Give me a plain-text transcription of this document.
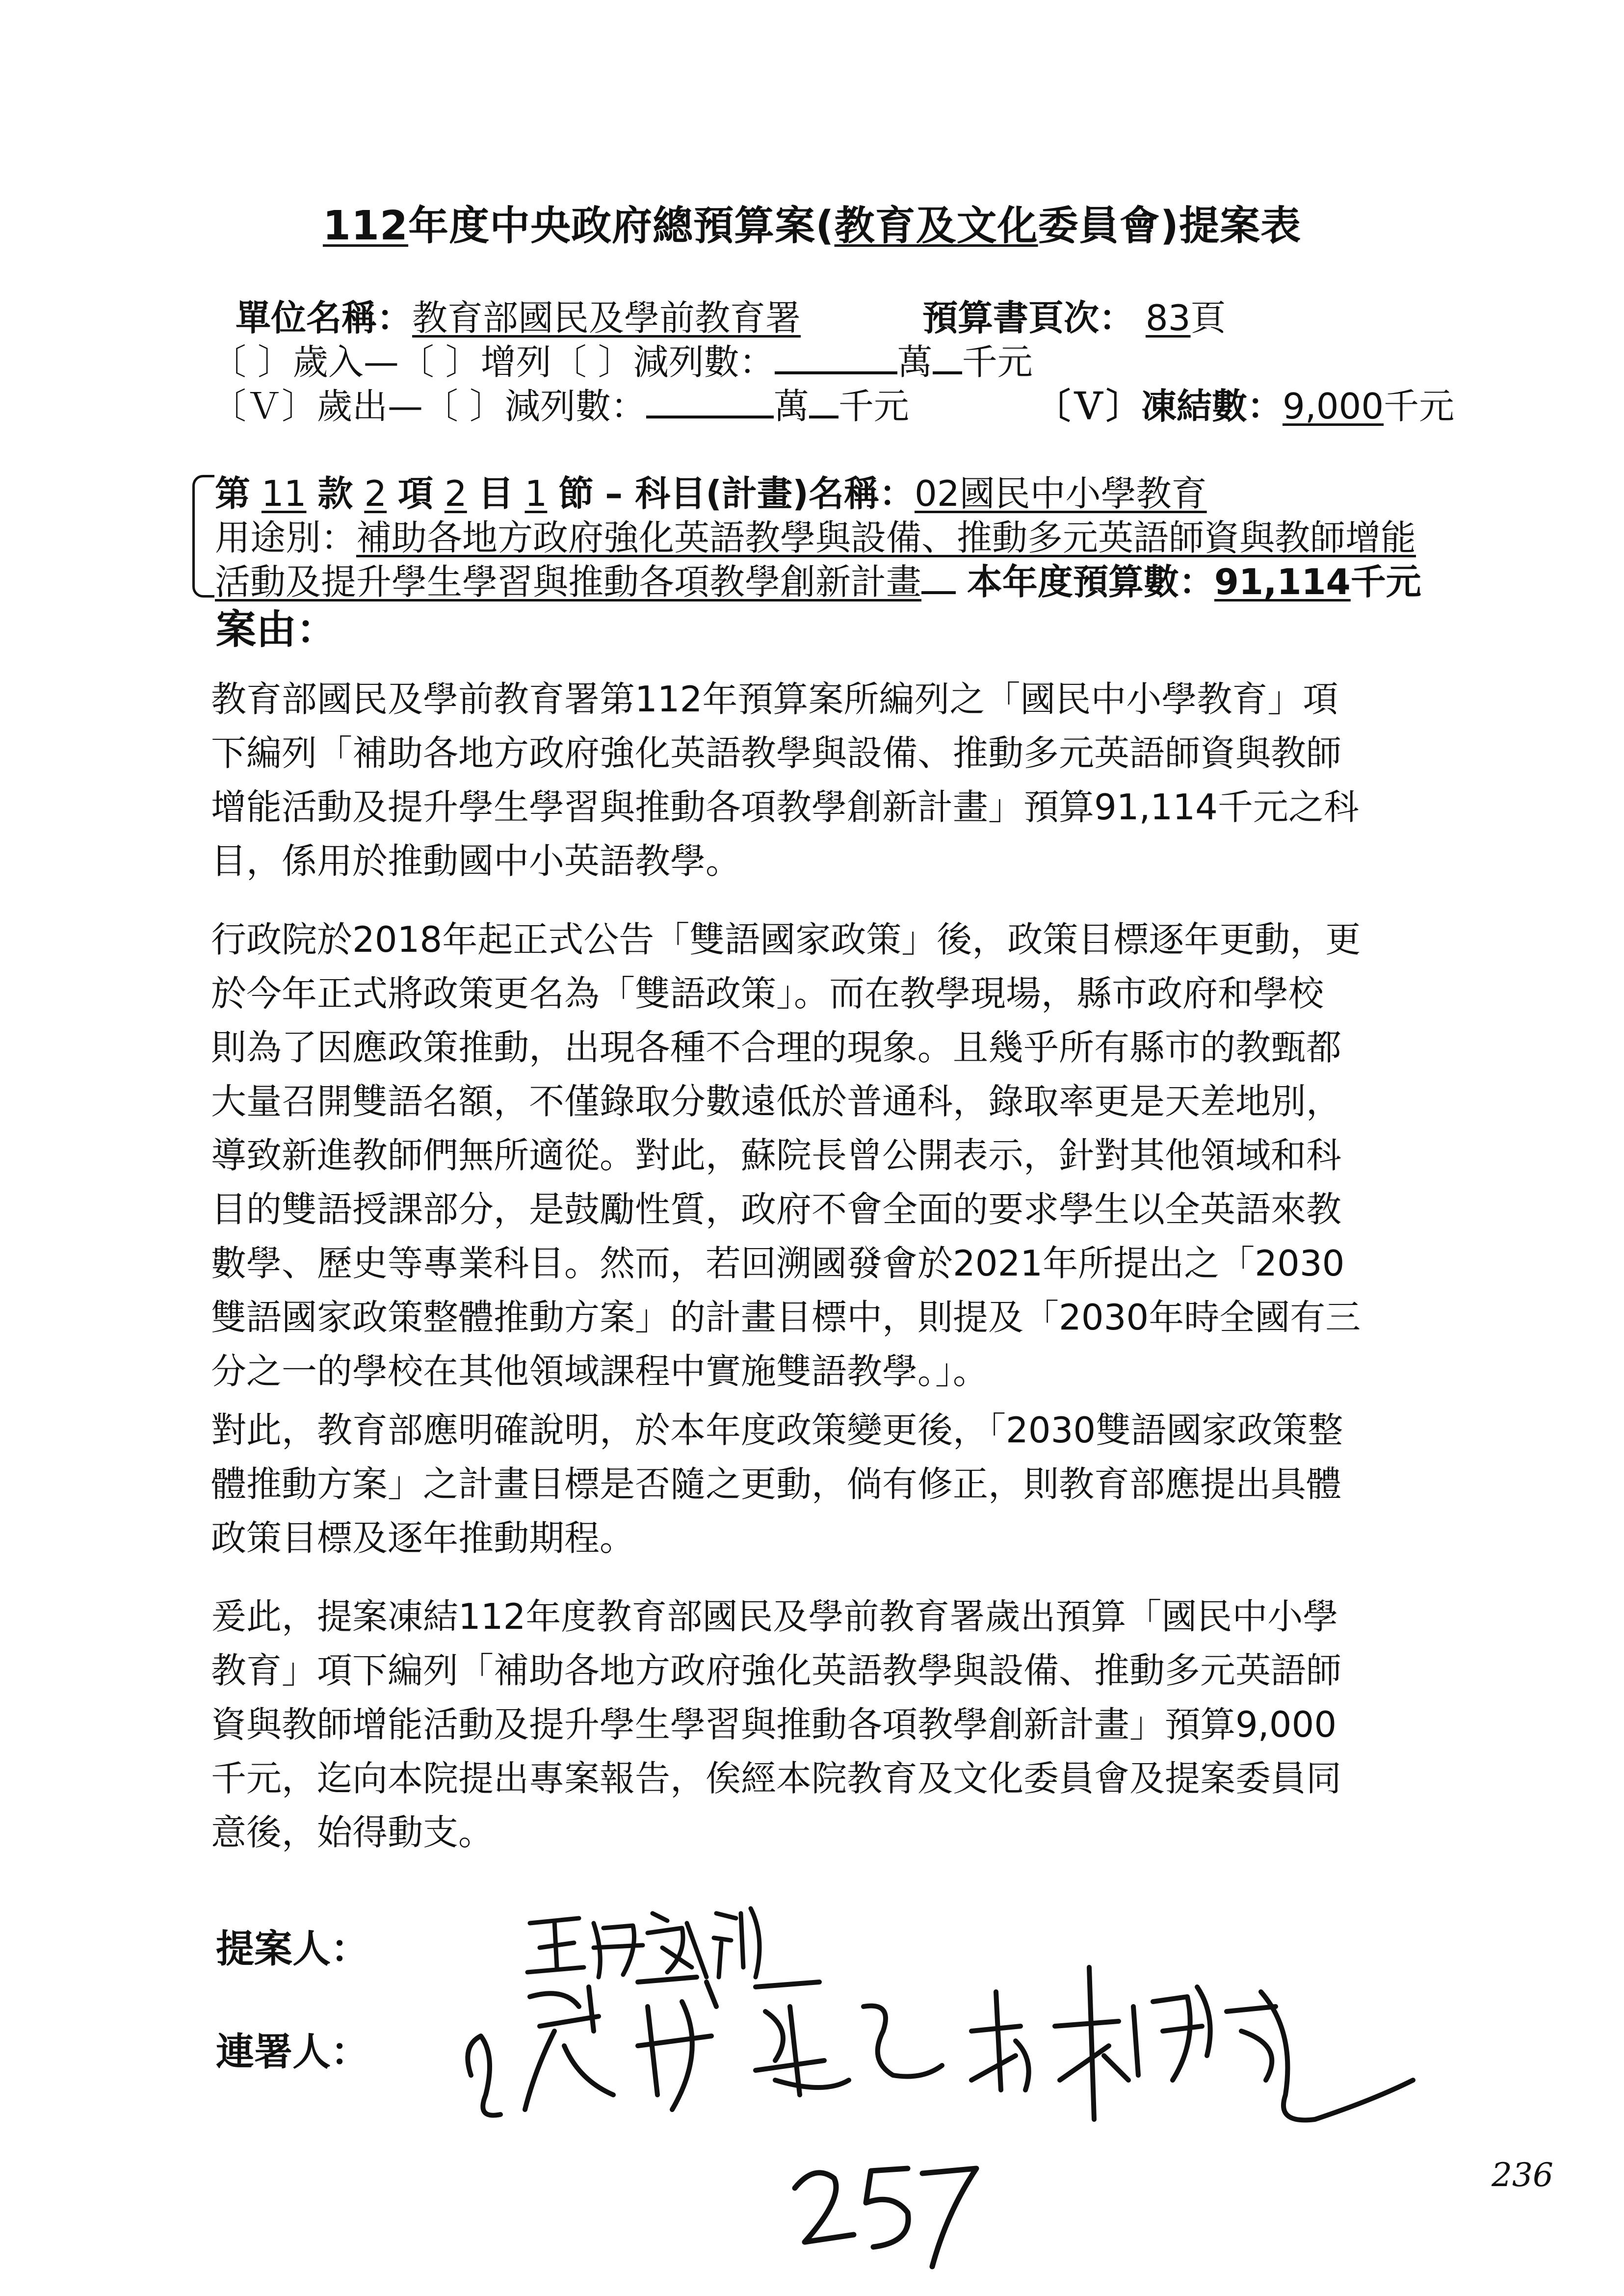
112年度中央政府總預算案(教育及文化委員會)提案表
單位名稱：教育部國民及學前教育署	預算書頁次： 83頁
〔 〕歲入—〔 〕增列〔 〕減列數：	萬 千元
〔Ｖ〕歲出—〔 〕減列數：	萬 千元	〔Ｖ〕凍結數：9,000千元
第 11 款 2 項 2 目 1 節 – 科目(計畫)名稱：02國民中小學教育
用途別：補助各地方政府強化英語教學與設備、推動多元英語師資與教師增能
活動及提升學生學習與推動各項教學創新計畫 本年度預算數：91,114千元
案由：

教育部國民及學前教育署第112年預算案所編列之「國民中小學教育」項

下編列「補助各地方政府強化英語教學與設備、推動多元英語師資與教師

增能活動及提升學生學習與推動各項教學創新計畫」預算91,114千元之科

目，係用於推動國中小英語教學。

行政院於2018年起正式公告「雙語國家政策」後，政策目標逐年更動，更

於今年正式將政策更名為「雙語政策」。而在教學現場，縣市政府和學校

則為了因應政策推動，出現各種不合理的現象。且幾乎所有縣市的教甄都

大量召開雙語名額，不僅錄取分數遠低於普通科，錄取率更是天差地別，

導致新進教師們無所適從。對此，蘇院長曾公開表示，針對其他領域和科

目的雙語授課部分，是鼓勵性質，政府不會全面的要求學生以全英語來教

數學、歷史等專業科目。然而，若回溯國發會於2021年所提出之「2030

雙語國家政策整體推動方案」的計畫目標中，則提及「2030年時全國有三

分之一的學校在其他領域課程中實施雙語教學。」。

對此，教育部應明確說明，於本年度政策變更後，「2030雙語國家政策整

體推動方案」之計畫目標是否隨之更動，倘有修正，則教育部應提出具體

政策目標及逐年推動期程。

爰此，提案凍結112年度教育部國民及學前教育署歲出預算「國民中小學

教育」項下編列「補助各地方政府強化英語教學與設備、推動多元英語師

資與教師增能活動及提升學生學習與推動各項教學創新計畫」預算9,000

千元，迄向本院提出專案報告，俟經本院教育及文化委員會及提案委員同

意後，始得動支。

提案人：
連署人：
236
